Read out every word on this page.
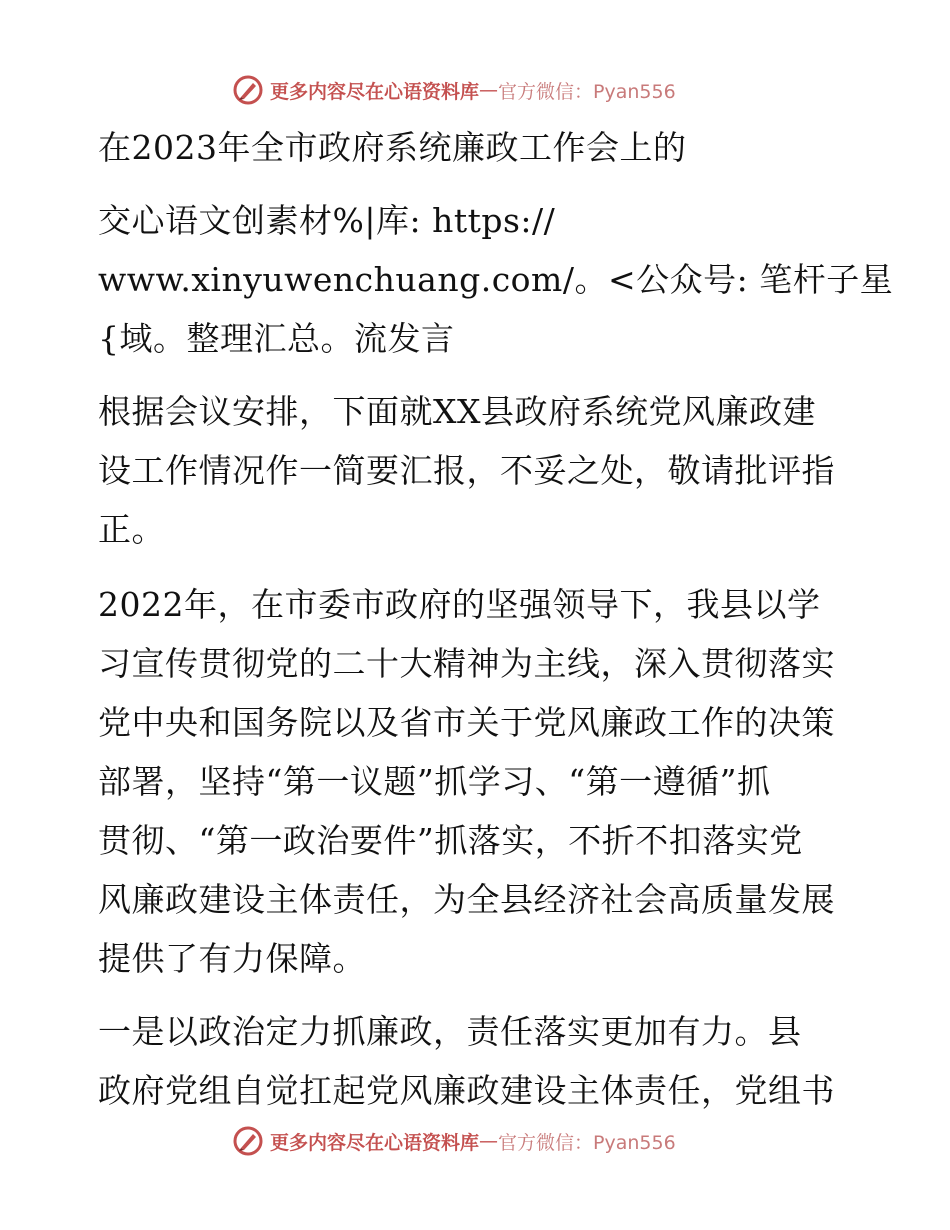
更多内容尽在心语资料库 — 官方微信：Pyan556
在2023年全市政府系统廉政工作会上的
交心语文创素材%|库: https://
www.xinyuwenchuang.com/。<公众号: 笔杆子星
{域。整理汇总。流发言
根据会议安排，下面就XX县政府系统党风廉政建
设工作情况作一简要汇报，不妥之处，敬请批评指
正。
2022年，在市委市政府的坚强领导下，我县以学
习宣传贯彻党的二十大精神为主线，深入贯彻落实
党中央和国务院以及省市关于党风廉政工作的决策
部署，坚持“第一议题”抓学习、“第一遵循”抓
贯彻、“第一政治要件”抓落实，不折不扣落实党
风廉政建设主体责任，为全县经济社会高质量发展
提供了有力保障。
一是以政治定力抓廉政，责任落实更加有力。县
政府党组自觉扛起党风廉政建设主体责任，党组书
更多内容尽在心语资料库 — 官方微信：Pyan556
